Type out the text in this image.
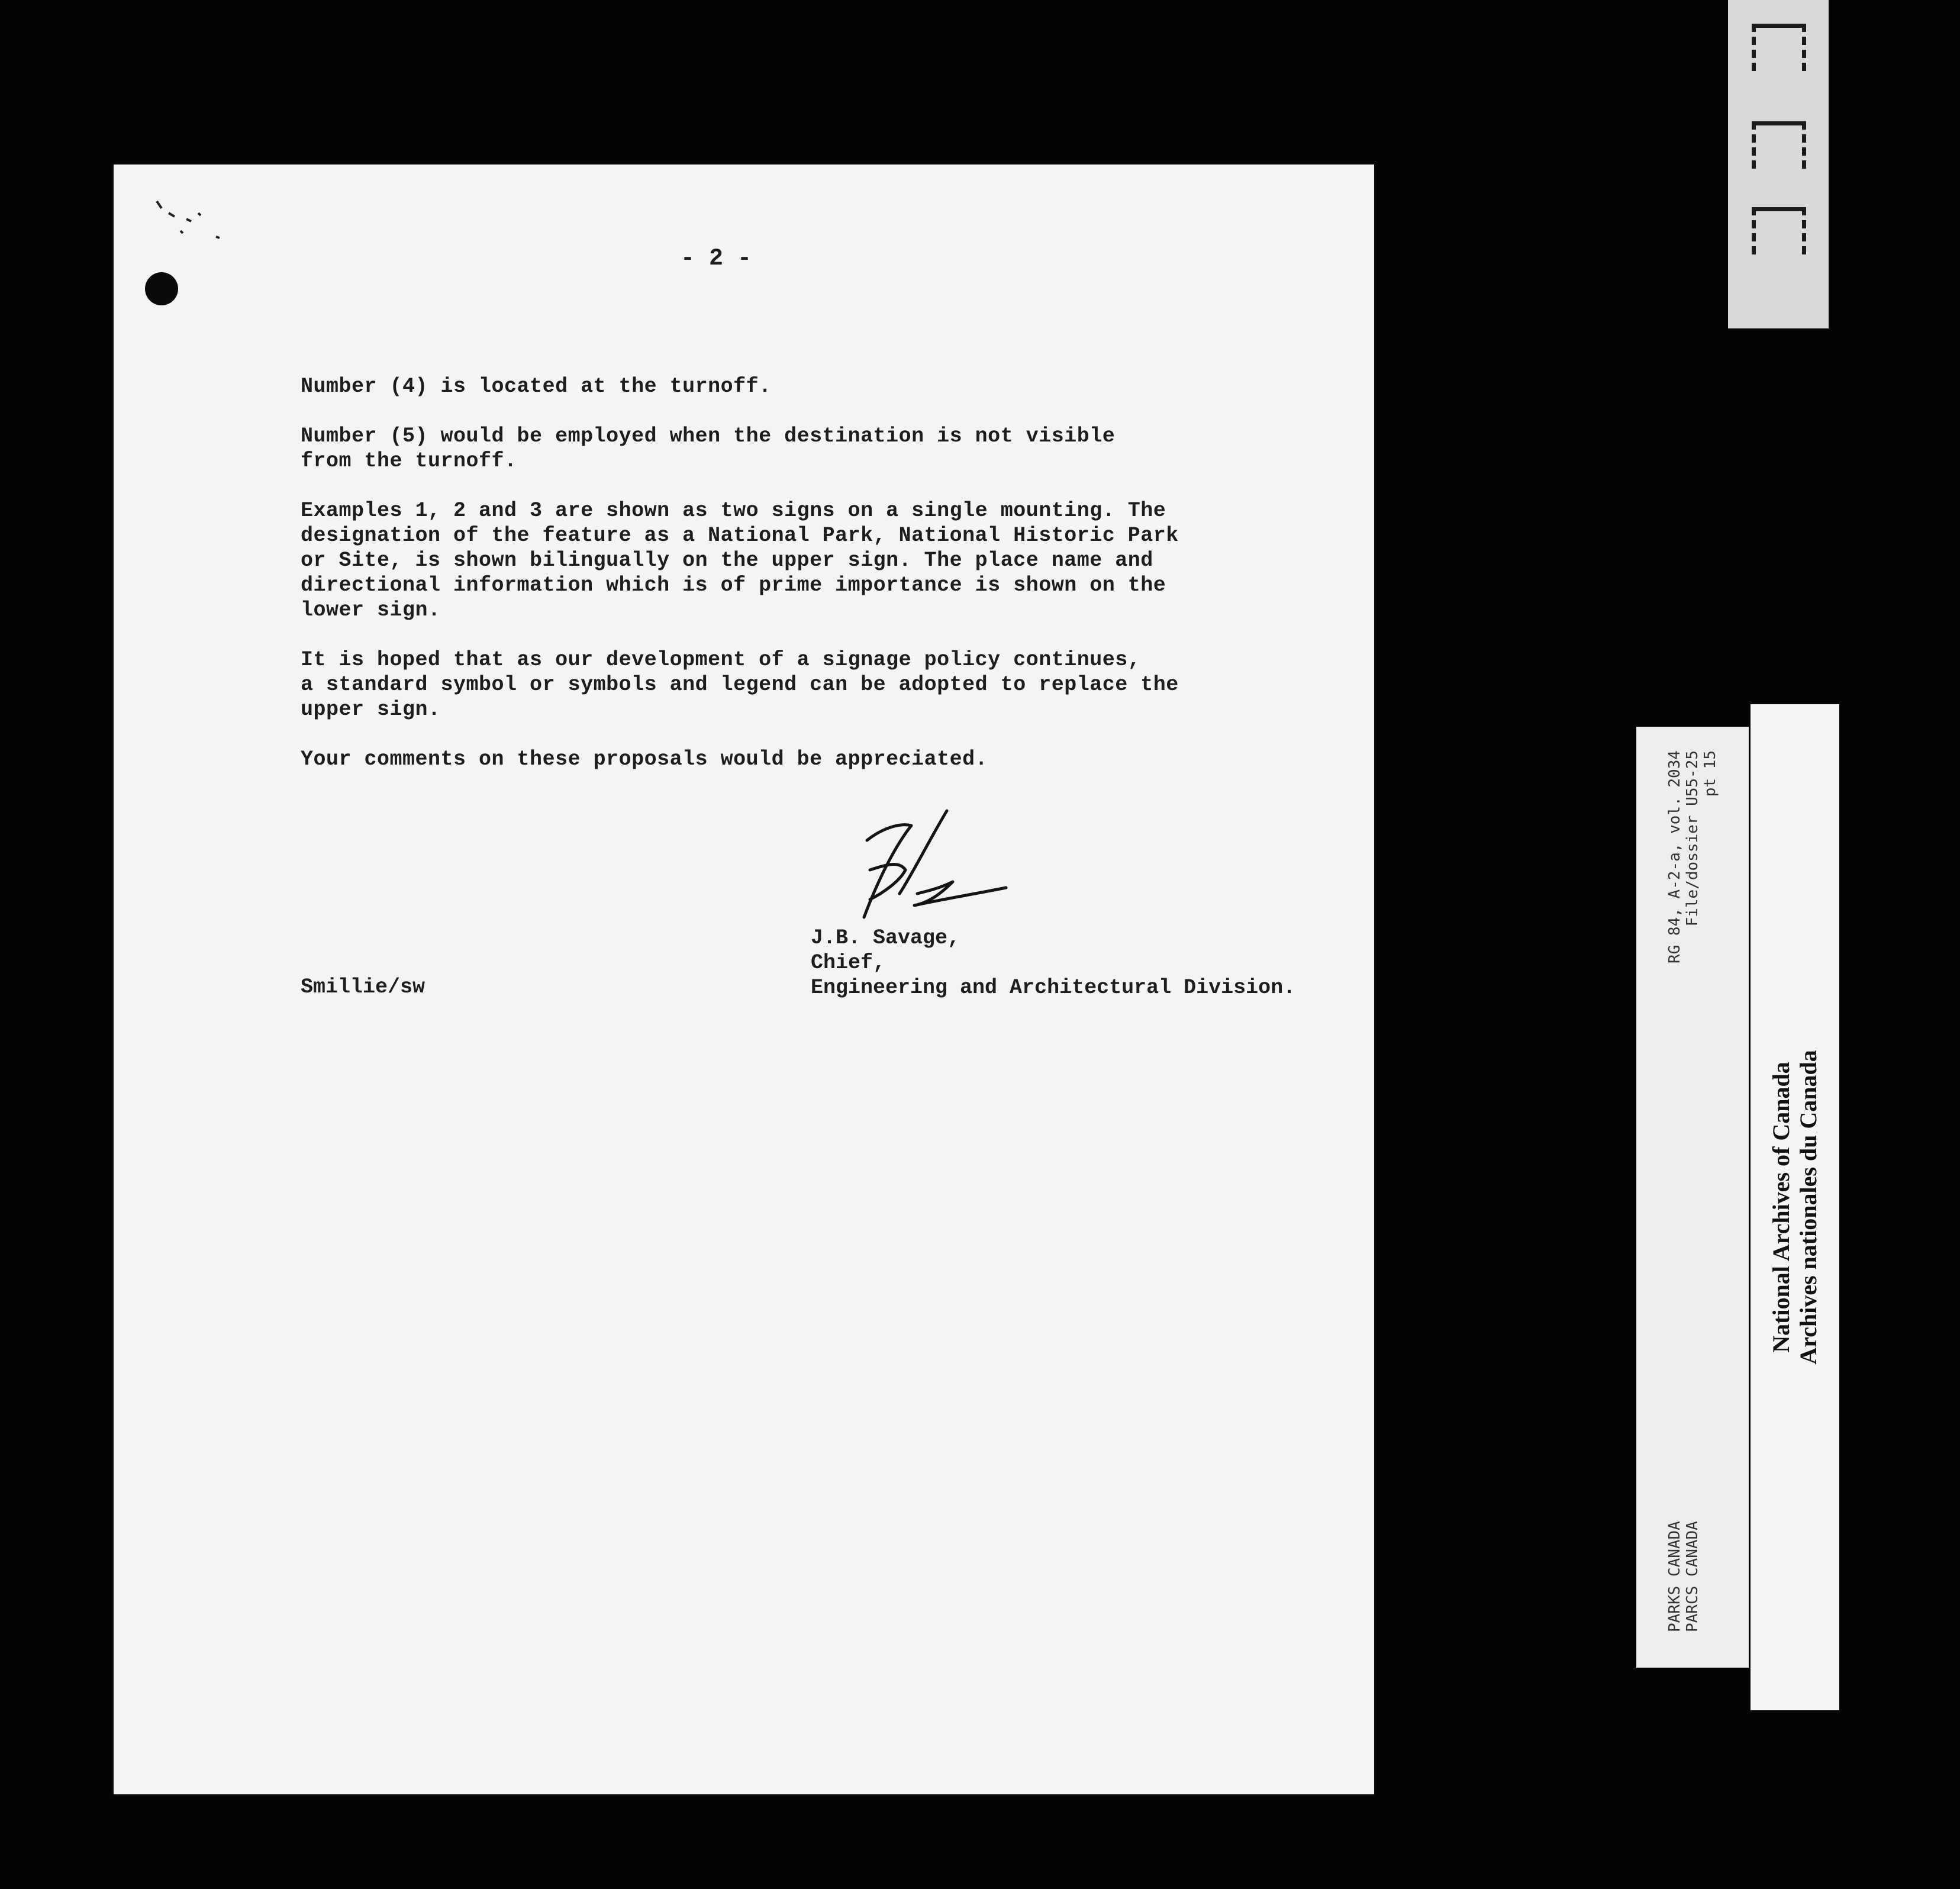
- 2 -

Number (4) is located at the turnoff.

Number (5) would be employed when the destination is not visible
from the turnoff.

Examples 1, 2 and 3 are shown as two signs on a single mounting. The
designation of the feature as a National Park, National Historic Park
or Site, is shown bilingually on the upper sign. The place name and
directional information which is of prime importance is shown on the
lower sign.

It is hoped that as our development of a signage policy continues,
a standard symbol or symbols and legend can be adopted to replace the
upper sign.

Your comments on these proposals would be appreciated.

J.B. Savage,
Chief,
Engineering and Architectural Division.
Smillie/sw
PARKS CANADA
RG 84, A-2-a, vol. 2034
PARCS CANADA
File/dossier U55-25 pt 15
National Archives of Canada Archives nationales du Canada
